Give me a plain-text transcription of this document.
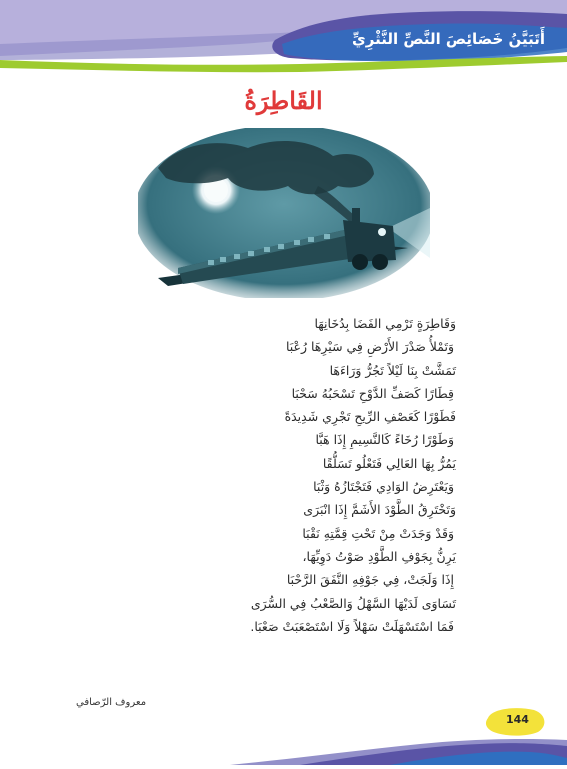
أَتَبَيَّنُ خَصَائِصَ النَّصِّ النَّثْرِيِّ
القَاطِرَةُ
وَقَاطِرَةٍ تَرْمِي الفَضَا بِدُخَانِهَا
وَتَمْلأُ صَدْرَ الأَرْضِ فِي سَيْرِهَا رُعْبَا
تَمَشَّتْ بِنَا لَيْلاً تَجُرُّ وَرَاءَهَا
قِطَارًا كَصَفِّ الدَّوْحِ تَسْحَبُهُ سَحْبَا
فَطَوْرًا كَعَصْفِ الرِّيحِ تَجْرِي شَدِيدَةً
وَطَوْرًا رُخَاءً كَالنَّسِيمِ إِذَا هَبَّا
يَمُرُّ بِهَا العَالِي فَتَعْلُو تَسَلُّقًا
وَيَعْتَرِضُ الوَادِي فَتَجْتَازُهُ وَثْبَا
وَتَخْتَرِقُ الطَّوْدَ الأَشَمَّ إِذَا انْبَرَى
وَقَدْ وَجَدَتْ مِنْ تَحْتِ قِمَّتِهِ نَقْبَا
يَرِنُّ بِجَوْفِ الطَّوْدِ صَوْتُ دَوِيِّهَا،
إِذَا وَلَجَتْ، فِي جَوْفِهِ النَّفَقَ الرَّحْبَا
تَسَاوَى لَدَيْهَا السَّهْلُ وَالصَّعْبُ فِي السُّرَى
فَمَا اسْتَسْهَلَتْ سَهْلاً وَلَا اسْتَصْعَبَتْ صَعْبَا.
معروف الرّصافي
144
